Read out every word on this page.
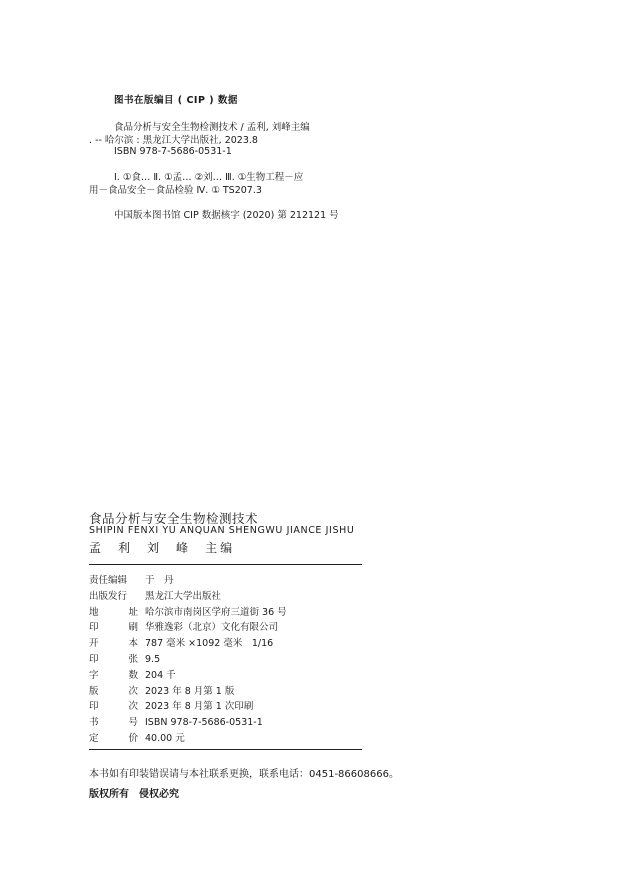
图书在版编目 ( CIP ) 数据
食品分析与安全生物检测技术 / 孟利, 刘峰主编
. -- 哈尔滨 : 黑龙江大学出版社, 2023.8
ISBN 978-7-5686-0531-1
Ⅰ. ①食… Ⅱ. ①孟… ②刘… Ⅲ. ①生物工程－应
用－食品安全－食品检验 Ⅳ. ① TS207.3
中国版本图书馆 CIP 数据核字 (2020) 第 212121 号
食品分析与安全生物检测技术
SHIPIN FENXI YU ANQUAN SHENGWU JIANCE JISHU
孟 利 刘 峰 主编
责任编辑 于　丹
出版发行 黑龙江大学出版社
地	址 哈尔滨市南岗区学府三道街 36 号
印	刷 华雅逸彩（北京）文化有限公司
开	本 787 毫米 ×1092 毫米　1/16
印	张 9.5
字	数 204 千
版	次 2023 年 8 月第 1 版
印	次 2023 年 8 月第 1 次印刷
书	号 ISBN 978-7-5686-0531-1
定	价 40.00 元
本书如有印装错误请与本社联系更换，联系电话：0451-86608666。
版权所有　侵权必究
